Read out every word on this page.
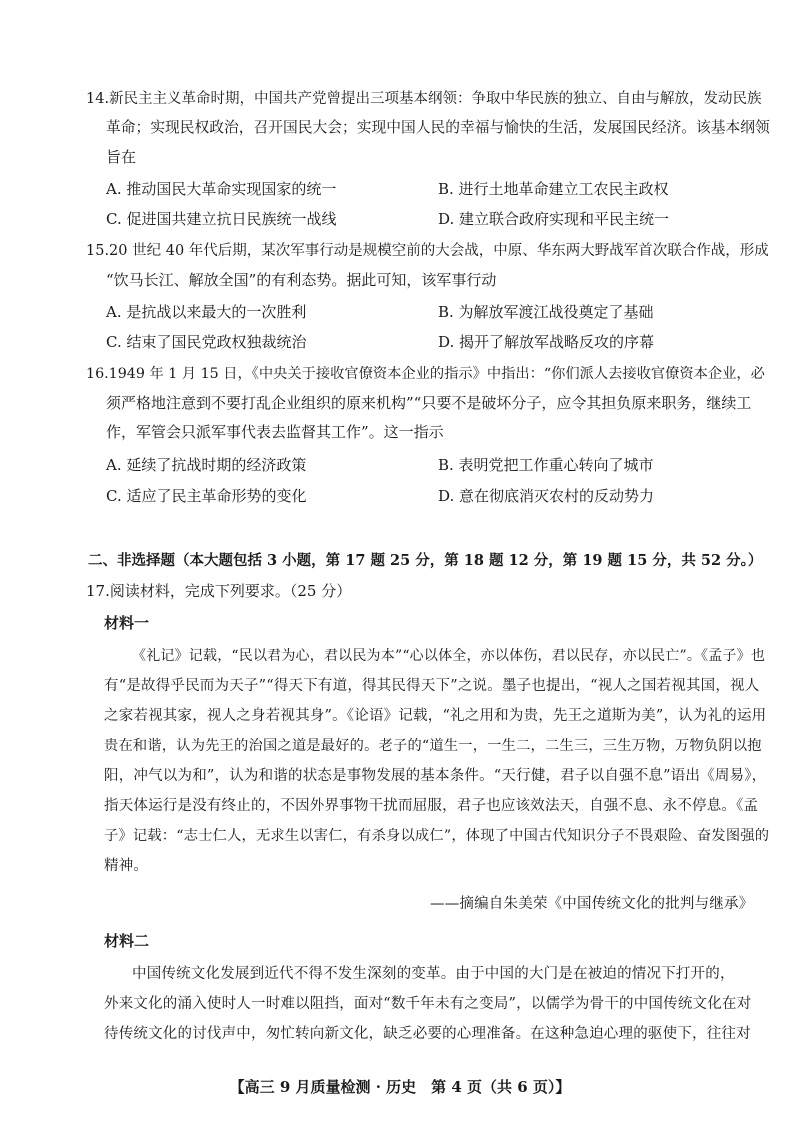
14.新民主主义革命时期，中国共产党曾提出三项基本纲领：争取中华民族的独立、自由与解放，发动民族
革命；实现民权政治，召开国民大会；实现中国人民的幸福与愉快的生活，发展国民经济。该基本纲领
旨在
A. 推动国民大革命实现国家的统一	B. 进行土地革命建立工农民主政权
C. 促进国共建立抗日民族统一战线	D. 建立联合政府实现和平民主统一
15.20 世纪 40 年代后期，某次军事行动是规模空前的大会战，中原、华东两大野战军首次联合作战，形成
“饮马长江、解放全国”的有利态势。据此可知，该军事行动
A. 是抗战以来最大的一次胜利	B. 为解放军渡江战役奠定了基础
C. 结束了国民党政权独裁统治	D. 揭开了解放军战略反攻的序幕
16.1949 年 1 月 15 日，《中央关于接收官僚资本企业的指示》中指出：“你们派人去接收官僚资本企业，必
须严格地注意到不要打乱企业组织的原来机构”“只要不是破坏分子，应令其担负原来职务，继续工
作，军管会只派军事代表去监督其工作”。这一指示
A. 延续了抗战时期的经济政策	B. 表明党把工作重心转向了城市
C. 适应了民主革命形势的变化	D. 意在彻底消灭农村的反动势力
二、非选择题（本大题包括 3 小题，第 17 题 25 分，第 18 题 12 分，第 19 题 15 分，共 52 分。）
17.阅读材料，完成下列要求。（25 分）
材料一
《礼记》记载，“民以君为心，君以民为本”“心以体全，亦以体伤，君以民存，亦以民亡”。《孟子》也
有“是故得乎民而为天子”“得天下有道，得其民得天下”之说。墨子也提出，“视人之国若视其国，视人
之家若视其家，视人之身若视其身”。《论语》记载，“礼之用和为贵，先王之道斯为美”，认为礼的运用
贵在和谐，认为先王的治国之道是最好的。老子的“道生一，一生二，二生三，三生万物，万物负阴以抱
阳，冲气以为和”，认为和谐的状态是事物发展的基本条件。“天行健，君子以自强不息”语出《周易》，
指天体运行是没有终止的，不因外界事物干扰而屈服，君子也应该效法天，自强不息、永不停息。《孟
子》记载：“志士仁人，无求生以害仁，有杀身以成仁”，体现了中国古代知识分子不畏艰险、奋发图强的
精神。
——摘编自朱美荣《中国传统文化的批判与继承》
材料二
中国传统文化发展到近代不得不发生深刻的变革。由于中国的大门是在被迫的情况下打开的，
外来文化的涌入使时人一时难以阻挡，面对“数千年未有之变局”，以儒学为骨干的中国传统文化在对
待传统文化的讨伐声中，匆忙转向新文化，缺乏必要的心理准备。在这种急迫心理的驱使下，往往对
【高三 9 月质量检测 · 历史　第 4 页（共 6 页）】
